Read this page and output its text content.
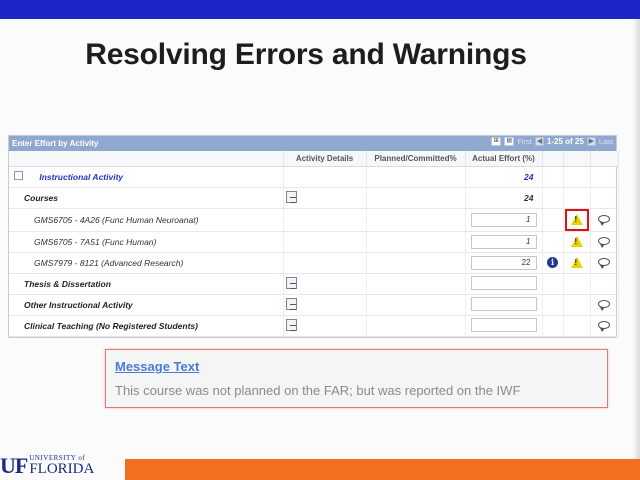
Resolving Errors and Warnings
Enter Effort by Activity	⊞	▤ First ◀ 1-25 of 25 ▶ Last
	Activity Details	Planned/Committed%	Actual Effort (%)			
Instructional Activity			24			
Courses			24			
GMS6705 - 4A26 (Func Human Neuroanat)			1		!	
GMS6705 - 7A51 (Func Human)			1		!	
GMS7979 - 8121 (Advanced Research)			22	i	!	
Thesis & Dissertation						
Other Instructional Activity						
Clinical Teaching (No Registered Students)						
Message Text
This course was not planned on the FAR; but was reported on the IWF
UF UNIVERSITY of
FLORIDA
